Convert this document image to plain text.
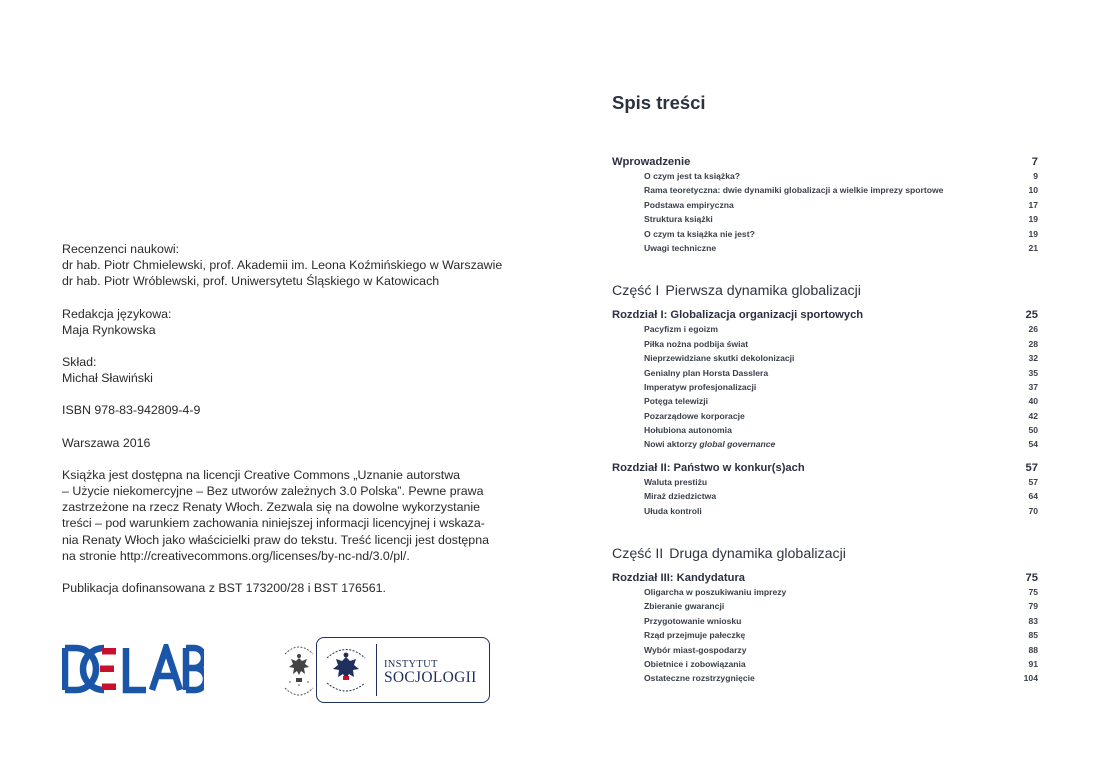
Recenzenci naukowi:
dr hab. Piotr Chmielewski, prof. Akademii im. Leona Koźmińskiego w Warszawie
dr hab. Piotr Wróblewski, prof. Uniwersytetu Śląskiego w Katowicach
Redakcja językowa:
Maja Rynkowska
Skład:
Michał Sławiński
ISBN 978-83-942809-4-9
Warszawa 2016
Książka jest dostępna na licencji Creative Commons „Uznanie autorstwa
– Użycie niekomercyjne – Bez utworów zależnych 3.0 Polska”. Pewne prawa
zastrzeżone na rzecz Renaty Włoch. Zezwala się na dowolne wykorzystanie
treści – pod warunkiem zachowania niniejszej informacji licencyjnej i wskaza-
nia Renaty Włoch jako właścicielki praw do tekstu. Treść licencji jest dostępna
na stronie http://creativecommons.org/licenses/by-nc-nd/3.0/pl/.
Publikacja dofinansowana z BST 173200/28 i BST 176561.
INSTYTUT
SOCJOLOGII
Spis treści
Wprowadzenie	7
O czym jest ta książka?	9
Rama teoretyczna: dwie dynamiki globalizacji a wielkie imprezy sportowe	10
Podstawa empiryczna	17
Struktura książki	19
O czym ta książka nie jest?	19
Uwagi techniczne	21
Część I Pierwsza dynamika globalizacji
Rozdział I: Globalizacja organizacji sportowych	25
Pacyfizm i egoizm	26
Piłka nożna podbija świat	28
Nieprzewidziane skutki dekolonizacji	32
Genialny plan Horsta Dasslera	35
Imperatyw profesjonalizacji	37
Potęga telewizji	40
Pozarządowe korporacje	42
Hołubiona autonomia	50
Nowi aktorzy global governance	54
Rozdział II: Państwo w konkur(s)ach	57
Waluta prestiżu	57
Miraż dziedzictwa	64
Ułuda kontroli	70
Część II Druga dynamika globalizacji
Rozdział III: Kandydatura	75
Oligarcha w poszukiwaniu imprezy	75
Zbieranie gwarancji	79
Przygotowanie wniosku	83
Rząd przejmuje pałeczkę	85
Wybór miast-gospodarzy	88
Obietnice i zobowiązania	91
Ostateczne rozstrzygnięcie	104
